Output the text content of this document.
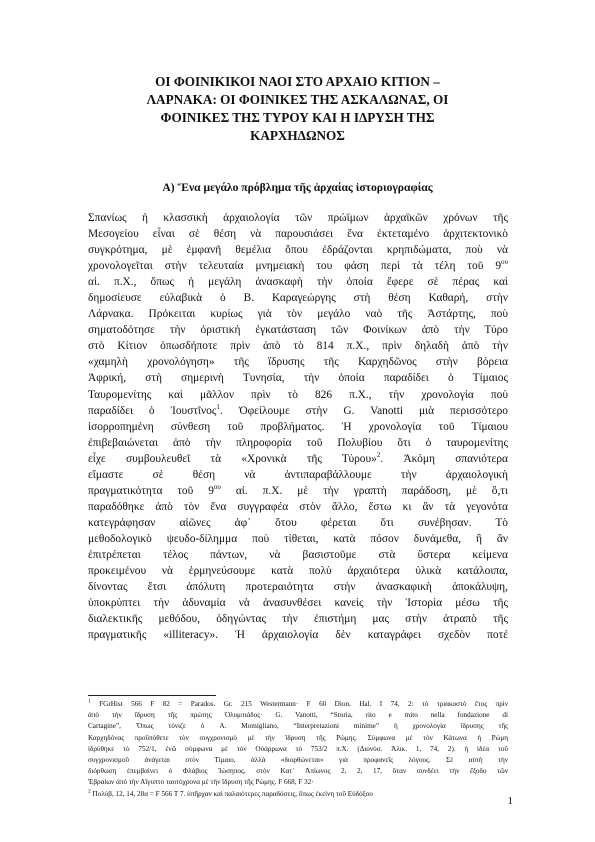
ΟΙ ΦΟΙΝΙΚΙΚΟΙ ΝΑΟΙ ΣΤΟ ΑΡΧΑΙΟ ΚΙΤΙΟΝ –
ΛΑΡΝΑΚΑ: ΟΙ ΦΟΙΝΙΚΕΣ ΤΗΣ ΑΣΚΑΛΩΝΑΣ, ΟΙ
ΦΟΙΝΙΚΕΣ ΤΗΣ ΤΥΡΟΥ ΚΑΙ Η ΙΔΡΥΣΗ ΤΗΣ
ΚΑΡΧΗΔΩΝΟΣ
Α) Ἕνα μεγάλο πρόβλημα τῆς ἀρχαίας ἱστοριογραφίας
Σπανίως ἡ κλασσικὴ ἀρχαιολογία τῶν πρώϊμων ἀρχαϊκῶν χρόνων τῆς
Μεσογείου εἶναι σὲ θέση νὰ παρουσιάσει ἕνα ἐκτεταμένο ἀρχιτεκτονικὸ
συγκρότημα, μὲ ἐμφανῆ θεμέλια ὅπου ἐδράζονται κρηπιδώματα, ποὺ νὰ
χρονολογεῖται στὴν τελευταία μνημειακὴ του φάση περὶ τὰ τέλη τοῦ $9^{o\upsilon}$
αἰ. π.Χ., ὅπως ἡ μεγάλη ἀνασκαφὴ τὴν ὁποία ἔφερε σὲ πέρας καὶ
δημοσίευσε εὐλαβικὰ ὁ Β. Καραγεώργης στὴ θέση Καθαρή, στὴν
Λάρνακα. Πρόκειται κυρίως γιὰ τὸν μεγάλο ναὸ τῆς Ἀστάρτης, ποὺ
σηματοδότησε τὴν ὁριστικὴ ἐγκατάσταση τῶν Φοινίκων ἀπὸ τὴν Τύρο
στὸ Κίτιον ὁπωσδήποτε πρὶν ἀπὸ τὸ 814 π.Χ., πρὶν δηλαδὴ ἀπὸ τὴν
«χαμηλὴ χρονολόγηση» τῆς ἵδρυσης τῆς Καρχηδῶνος στὴν βόρεια
Ἀφρική, στὴ σημερινὴ Τυνησία, τὴν ὁποία παραδίδει ὁ Τίμαιος
Ταυρομενίτης καὶ μᾶλλον πρὶν τὸ 826 π.Χ., τὴν χρονολογία ποὺ
παραδίδει ὁ Ἰουστῖνος$^1$. Ὀφείλουμε στὴν G. Vanotti μιὰ περισσότερο
ἰσορροπημένη σύνθεση τοῦ προβλήματος. Ἡ χρονολογία τοῦ Τίμαιου
ἐπιβεβαιώνεται ἀπὸ τὴν πληροφορία τοῦ Πολυβίου ὅτι ὁ ταυρομενίτης
εἶχε συμβουλευθεῖ τὰ «Χρονικὰ τῆς Τύρου»$^2$. Ἀκόμη σπανιότερα
εἴμαστε σὲ θέση νὰ ἀντιπαραβάλλουμε τὴν ἀρχαιολογικὴ
πραγματικότητα τοῦ $9^{o\upsilon}$ αἰ. π.Χ. μὲ τὴν γραπτὴ παράδοση, μὲ ὅ,τι
παραδόθηκε ἀπὸ τὸν ἕνα συγγραφέα στὸν ἄλλο, ἔστω κι ἂν τὰ γεγονότα
κατεγράφησαν αἰῶνες ἀφ᾽ ὅτου φέρεται ὅτι συνέβησαν. Τὸ
μεθοδολογικὸ ψευδο-δίλημμα ποὺ τίθεται, κατὰ πόσον δυνάμεθα, ἢ ἂν
ἐπιτρέπεται τέλος πάντων, νὰ βασιστοῦμε στὰ ὕστερα κείμενα
προκειμένου νὰ ἑρμηνεύσουμε κατὰ πολὺ ἀρχαιότερα ὑλικὰ κατάλοιπα,
δίνοντας ἔτσι ἀπόλυτη προτεραιότητα στὴν ἀνασκαφικὴ ἀποκάλυψη,
ὑποκρύπτει τὴν ἀδυναμία νὰ ἀνασυνθέσει κανεὶς τὴν Ἱστορία μέσω τῆς
διαλεκτικῆς μεθόδου, ὁδηγώντας τὴν ἐπιστήμη μας στὴν ἀτραπὸ τῆς
πραγματικῆς «illiteracy». Ἡ ἀρχαιολογία δὲν καταγράφει σχεδὸν ποτέ
$^1$ FGrHist 566 F 82 = Parados. Gr. 215 Westermann· F 60 Dion. Hal. I 74, 2: τὸ τριακοστὸ ἔτος πρὶν
ἀπὸ τὴν ἵδρυση τῆς πρώτης Ὀλυμπιάδος· G. Vanotti, “Storia, rito e mito nella fondazione di
Cartagine”, Ὅπως τόνιζε ὁ A. Momigliano, “Interpretazioni minime” ἡ χρονολογία ἵδρυσης τῆς
Καρχηδόνας προὔπόθετε τὸν συγχρονισμὸ μὲ τὴν ἵδρυση τῆς Ρώμης. Σύμφωνα μὲ τὸν Κάτωνα ἡ Ρώμη
ἱδρύθηκε τὸ 752/1, ἐνῶ σύμφωνα μὲ τὸν Οὐάρρωνα τὸ 753/2 π.Χ. (Διονύσ. Ἁλικ. 1, 74, 2). ἡ ἰδέα τοῦ
συγχρονισμοῦ ἀνάγεται στὸν Τίμαιο, ἀλλὰ «διορθώνεται» γιὰ προφανεῖς λόγους. Σὲ αὐτὴ τὴν
διόρθωση ἐπεμβαίνει ὁ Φλάβιος Ἰώσηπος, στὸν Κατ᾽ Ἀπίωνος 2, 2, 17, ὅταν συνδέει τὴν ἔξοδο τῶν
Ἑβραίων ἀπὸ τὴν Αἴγυπτο ταυτόχρονα μὲ τὴν ἵδρυση τῆς Ρώμης. F 668, F 32·
$^2$ Πολύβ, 12, 14, 28α = F 566 T 7. ὑπῆρχαν καὶ παλαιότερες παραδόσεις, ὅπως ἐκείνη τοῦ Εὐδόξου
1
